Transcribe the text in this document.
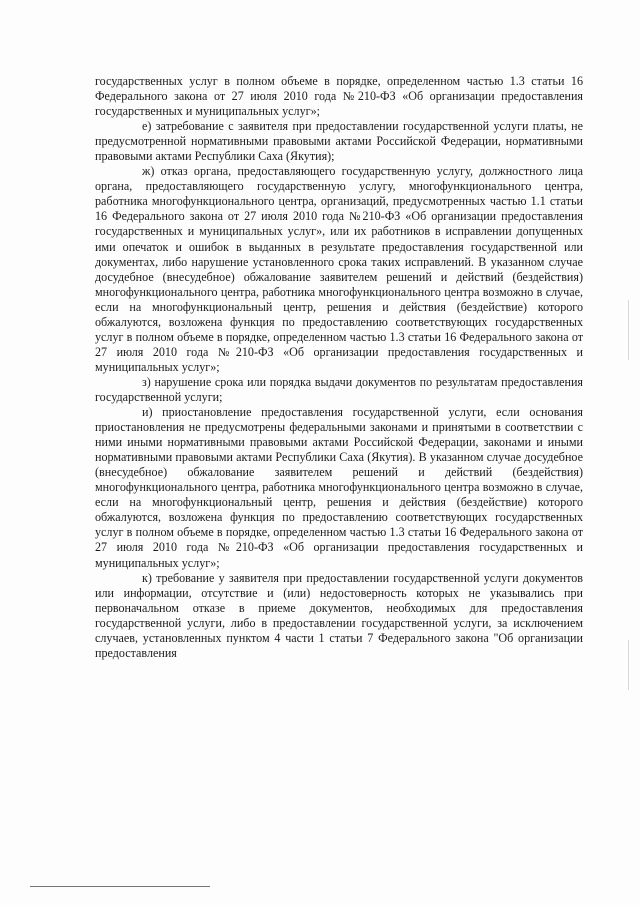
государственных услуг в полном объеме в порядке, определенном частью 1.3 статьи 16 Федерального закона от 27 июля 2010 года №210-ФЗ «Об организации предоставления государственных и муниципальных услуг»;

е) затребование с заявителя при предоставлении государственной услуги платы, не предусмотренной нормативными правовыми актами Российской Федерации, нормативными правовыми актами Республики Саха (Якутия);

ж) отказ органа, предоставляющего государственную услугу, должностного лица органа, предоставляющего государственную услугу, многофункционального центра, работника многофункционального центра, организаций, предусмотренных частью 1.1 статьи 16 Федерального закона от 27 июля 2010 года №210-ФЗ «Об организации предоставления государственных и муниципальных услуг», или их работников в исправлении допущенных ими опечаток и ошибок в выданных в результате предоставления государственной или документах, либо нарушение установленного срока таких исправлений. В указанном случае досудебное (внесудебное) обжалование заявителем решений и действий (бездействия) многофункционального центра, работника многофункционального центра возможно в случае, если на многофункциональный центр, решения и действия (бездействие) которого обжалуются, возложена функция по предоставлению соответствующих государственных услуг в полном объеме в порядке, определенном частью 1.3 статьи 16 Федерального закона от 27 июля 2010 года №210-ФЗ «Об организации предоставления государственных и муниципальных услуг»;

з) нарушение срока или порядка выдачи документов по результатам предоставления государственной услуги;

и) приостановление предоставления государственной услуги, если основания приостановления не предусмотрены федеральными законами и принятыми в соответствии с ними иными нормативными правовыми актами Российской Федерации, законами и иными нормативными правовыми актами Республики Саха (Якутия). В указанном случае досудебное (внесудебное) обжалование заявителем решений и действий (бездействия) многофункционального центра, работника многофункционального центра возможно в случае, если на многофункциональный центр, решения и действия (бездействие) которого обжалуются, возложена функция по предоставлению соответствующих государственных услуг в полном объеме в порядке, определенном частью 1.3 статьи 16 Федерального закона от 27 июля 2010 года №210-ФЗ «Об организации предоставления государственных и муниципальных услуг»;

к) требование у заявителя при предоставлении государственной услуги документов или информации, отсутствие и (или) недостоверность которых не указывались при первоначальном отказе в приеме документов, необходимых для предоставления государственной услуги, либо в предоставлении государственной услуги, за исключением случаев, установленных пунктом 4 части 1 статьи 7 Федерального закона "Об организации предоставления
